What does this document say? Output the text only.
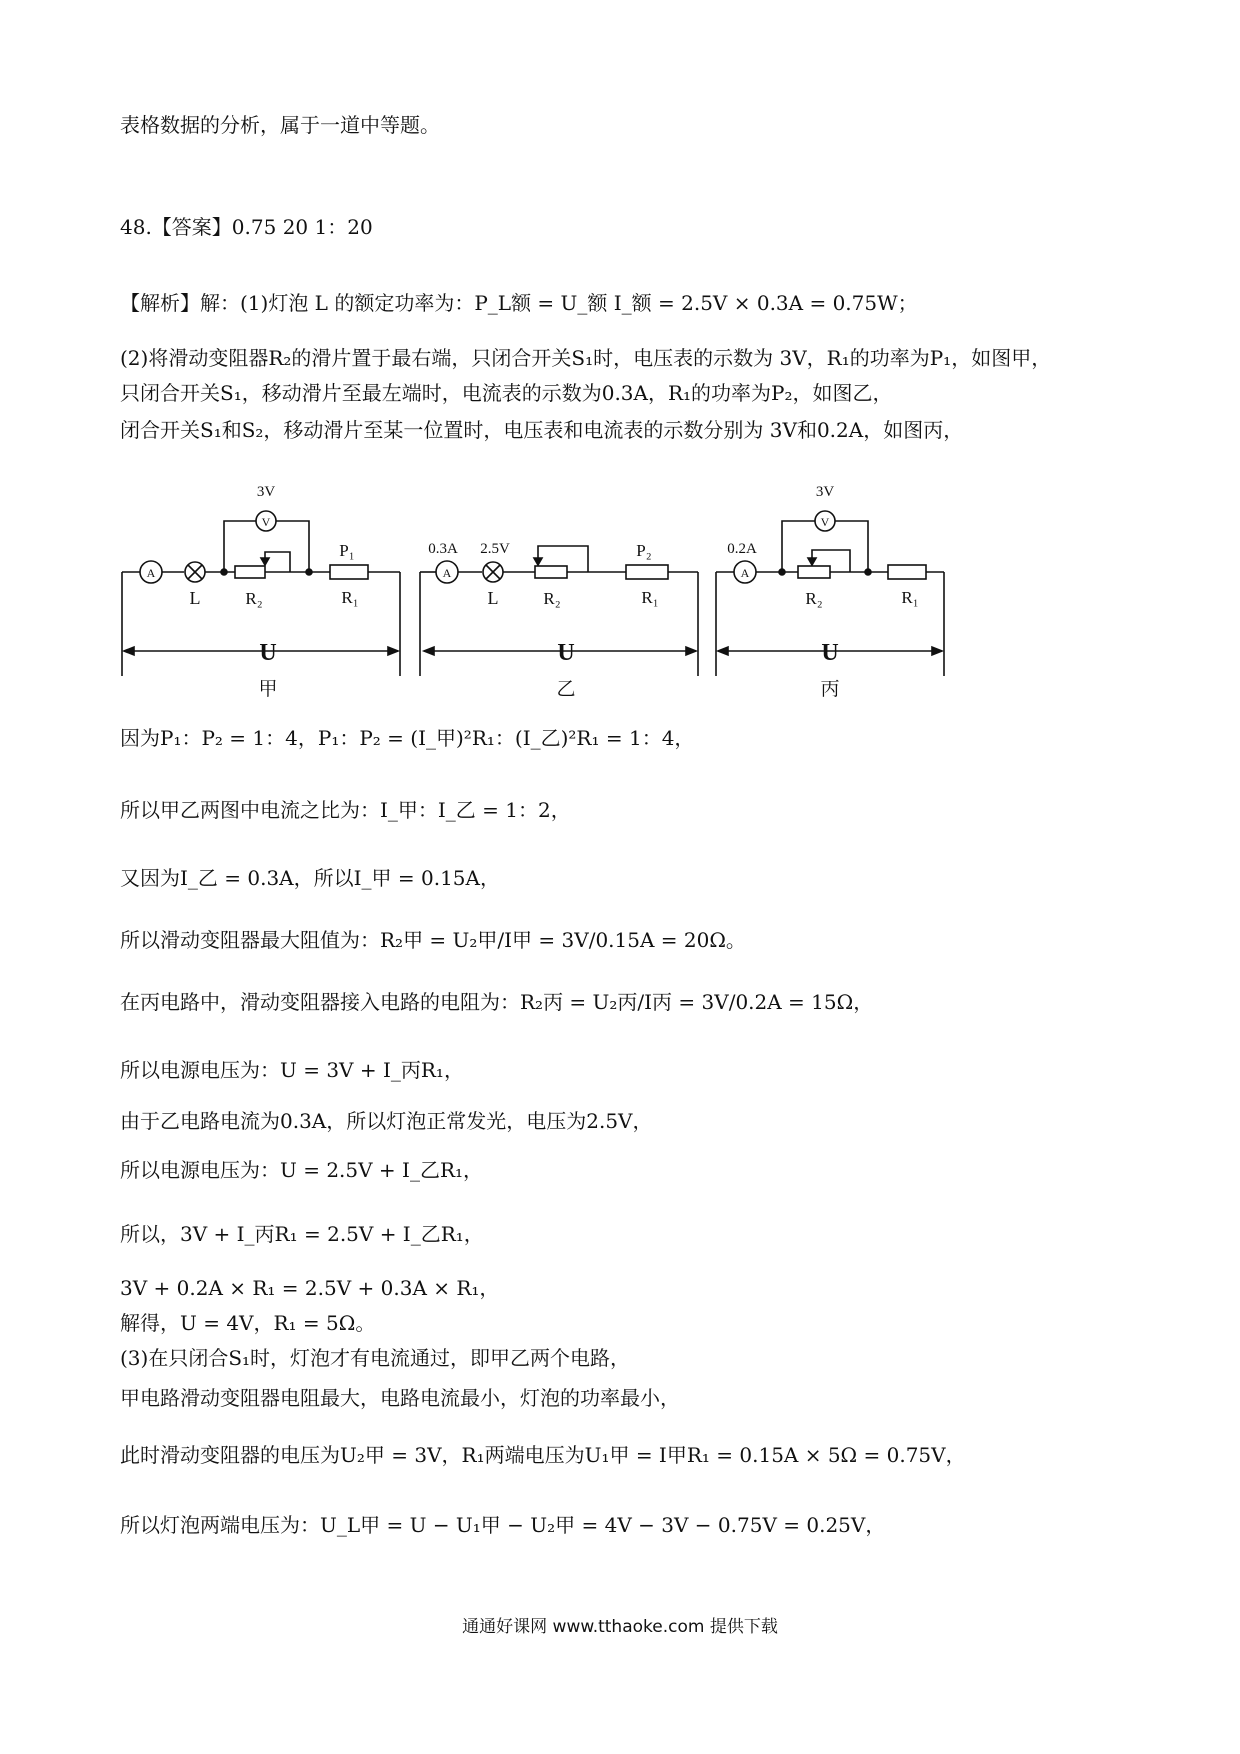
表格数据的分析，属于一道中等题。
48.【答案】0.75 20 1：20
【解析】解：(1)灯泡 L 的额定功率为：P_L额 = U_额 I_额 = 2.5V × 0.3A = 0.75W；
(2)将滑动变阻器R₂的滑片置于最右端，只闭合开关S₁时，电压表的示数为 3V，R₁的功率为P₁，如图甲，
只闭合开关S₁，移动滑片至最左端时，电流表的示数为0.3A，R₁的功率为P₂，如图乙，
闭合开关S₁和S₂，移动滑片至某一位置时，电压表和电流表的示数分别为 3V和0.2A，如图丙，
A
V
3V
L	R₂
P₁
R₁
U
甲
A
0.3A 2.5V
L	R₂
P₂
R₁
U
乙
A
V
3V
0.2A
R₂	R₁
U
丙
因为P₁：P₂ = 1：4，P₁：P₂ = (I_甲)²R₁：(I_乙)²R₁ = 1：4，
所以甲乙两图中电流之比为：I_甲：I_乙 = 1：2，
又因为I_乙 = 0.3A，所以I_甲 = 0.15A，
所以滑动变阻器最大阻值为：R₂甲 = U₂甲/I甲 = 3V/0.15A = 20Ω。
在丙电路中，滑动变阻器接入电路的电阻为：R₂丙 = U₂丙/I丙 = 3V/0.2A = 15Ω，
所以电源电压为：U = 3V + I_丙R₁，
由于乙电路电流为0.3A，所以灯泡正常发光，电压为2.5V，
所以电源电压为：U = 2.5V + I_乙R₁，
所以，3V + I_丙R₁ = 2.5V + I_乙R₁，
3V + 0.2A × R₁ = 2.5V + 0.3A × R₁，
解得，U = 4V，R₁ = 5Ω。
(3)在只闭合S₁时，灯泡才有电流通过，即甲乙两个电路，
甲电路滑动变阻器电阻最大，电路电流最小，灯泡的功率最小，
此时滑动变阻器的电压为U₂甲 = 3V，R₁两端电压为U₁甲 = I甲R₁ = 0.15A × 5Ω = 0.75V，
所以灯泡两端电压为：U_L甲 = U − U₁甲 − U₂甲 = 4V − 3V − 0.75V = 0.25V，
通通好课网 www.tthaoke.com 提供下载
